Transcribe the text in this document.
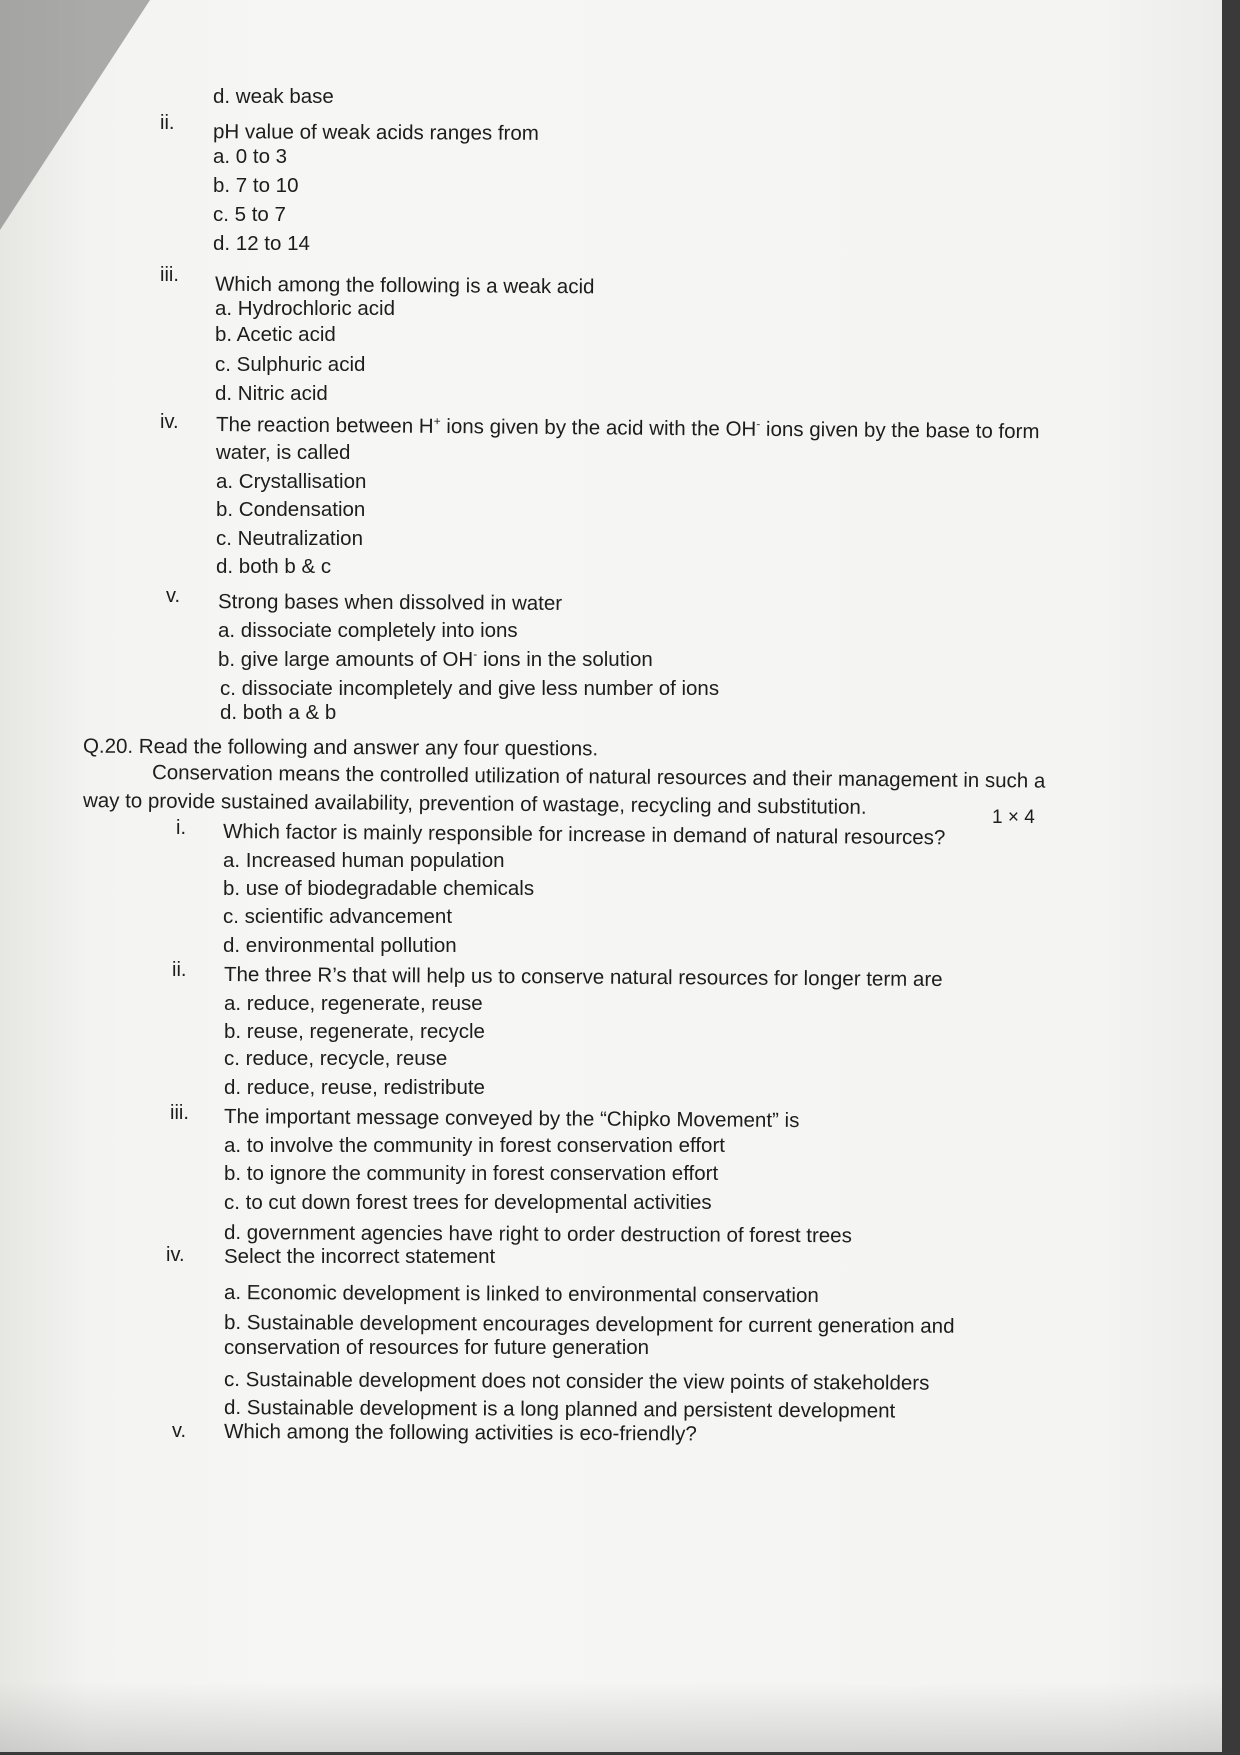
d. weak base
ii. pH value of weak acids ranges from
a. 0 to 3
b. 7 to 10
c. 5 to 7
d. 12 to 14
iii. Which among the following is a weak acid
a. Hydrochloric acid
b. Acetic acid
c. Sulphuric acid
d. Nitric acid
iv. The reaction between H+ ions given by the acid with the OH- ions given by the base to form
water, is called
a. Crystallisation
b. Condensation
c. Neutralization
d. both b & c
v. Strong bases when dissolved in water
a. dissociate completely into ions
b. give large amounts of OH- ions in the solution
c. dissociate incompletely and give less number of ions
d. both a & b
Q.20. Read the following and answer any four questions.
Conservation means the controlled utilization of natural resources and their management in such a
way to provide sustained availability, prevention of wastage, recycling and substitution.	1 × 4
i. Which factor is mainly responsible for increase in demand of natural resources?
a. Increased human population
b. use of biodegradable chemicals
c. scientific advancement
d. environmental pollution
ii. The three R’s that will help us to conserve natural resources for longer term are
a. reduce, regenerate, reuse
b. reuse, regenerate, recycle
c. reduce, recycle, reuse
d. reduce, reuse, redistribute
iii. The important message conveyed by the “Chipko Movement” is
a. to involve the community in forest conservation effort
b. to ignore the community in forest conservation effort
c. to cut down forest trees for developmental activities
d. government agencies have right to order destruction of forest trees
iv. Select the incorrect statement
a. Economic development is linked to environmental conservation
b. Sustainable development encourages development for current generation and
conservation of resources for future generation
c. Sustainable development does not consider the view points of stakeholders
d. Sustainable development is a long planned and persistent development
v. Which among the following activities is eco-friendly?
